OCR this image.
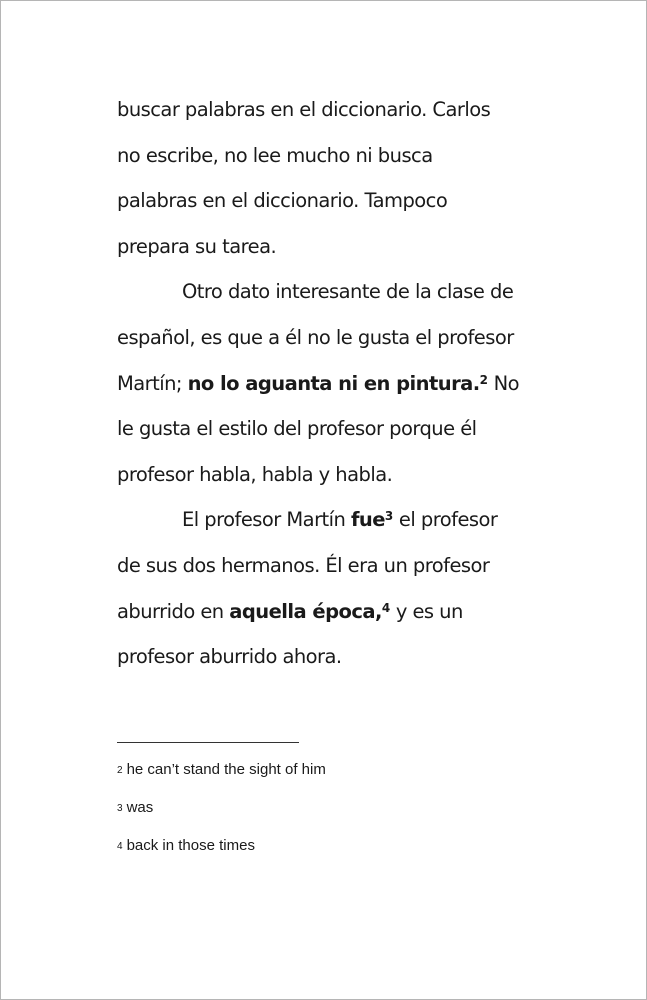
buscar palabras en el diccionario. Carlos
no escribe, no lee mucho ni busca
palabras en el diccionario. Tampoco
prepara su tarea.
Otro dato interesante de la clase de
español, es que a él no le gusta el profesor
Martín; no lo aguanta ni en pintura.$^2$ No
le gusta el estilo del profesor porque él
profesor habla, habla y habla.
El profesor Martín fue$^3$ el profesor
de sus dos hermanos. Él era un profesor
aburrido en aquella época,$^4$ y es un
profesor aburrido ahora.
2 he can’t stand the sight of him
3 was
4 back in those times
